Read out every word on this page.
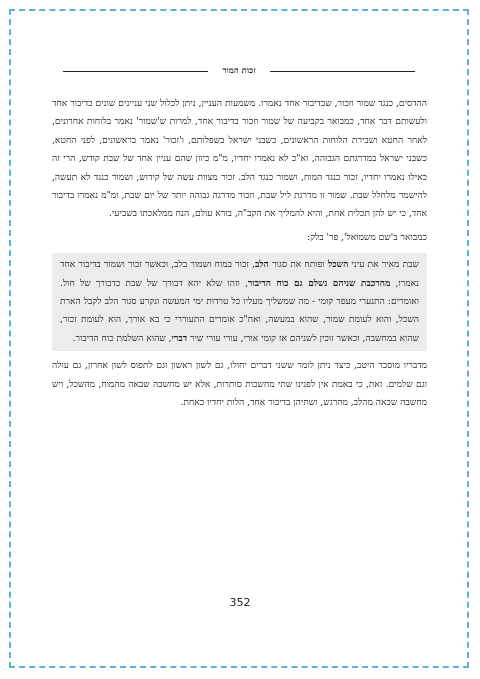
זכות המור

ההדסים, כנגד שמור וזכור, שבדיבור אחד נאמרו. משמעות העניין, ניתן לכלול שני עניינים שונים בדיבור אחד ולעשותם דבר אחד, כמבואר בקביעה של שמור וזכור בדיבור אחד, למרות ש'שמור' נאמר בלוחות אחרונים, לאחר החטא ושבירת הלוחות הראשונים, כשבני ישראל בשפלותם, ו'זכור' נאמר בראשונים, לפני החטא, כשבני ישראל במדרגתם הגבוהה, וא"כ לא נאמרו יחדיו, מ"מ כיוון שהם עניין אחד של שבת קודש, הרי זה כאילו נאמרו יחדיו, זכור כנגד המוח, ושמור כנגד הלב. זכור מצוות עשה של קידוש, ושמור כנגד לא תעשה, להישמר מלחלל שבת. שמור זו מדרגת ליל שבת, וזכור מדרגה גבוהה יותר של יום שבת, ומ"מ נאמרו בדיבור אחד, כי יש להן תכלית אחת, והיא להמליך את הקב"ה, בורא עולם, הנח ממלאכתו בשביעי.

כמבואר ב'שם משמואל', פר' בלק:

שבת מאיר את עיני השכל ופותח את סגור הלב, זכור במוח ושמור בלב, וכאשר זכור ושמור בדיבור אחד נאמרו, מהרכבת שניהם נשלם גם כוח הדיבור, וזהו שלא יהא דבורך של שבת כדבורך של חול. ואומרים: התנערי מעפר קומי - מה שמשליך מעליו כל טרדות ימי המעשה ונקרע סגור הלב לקבל הארת השכל, והוא לעומת שמור, שהוא במעשה, ואח"כ אומרים התעוררי כי בא אורך, הוא לעומת זכור, שהוא במחשבה, וכאשר זוכין לשניהם אז קומי אורי, עורי עורי שיר דברי, שהוא השלמת כוח הדיבור.

מדבריו מוסבר היטב, כיצד ניתן לומר ששני דברים יחולו, גם לשון ראשון וגם לתפוס לשון אחרון, גם עולה וגם שלמים. זאת, כי באמת אין לפנינו שתי מחשבות סותרות, אלא יש מחשבה שבאה מהמוח, מהשכל, ויש מחשבה שבאה מהלב, מהרגש, ושתיהן בדיבור אחד, הלות יחדיו כאחת.

352
